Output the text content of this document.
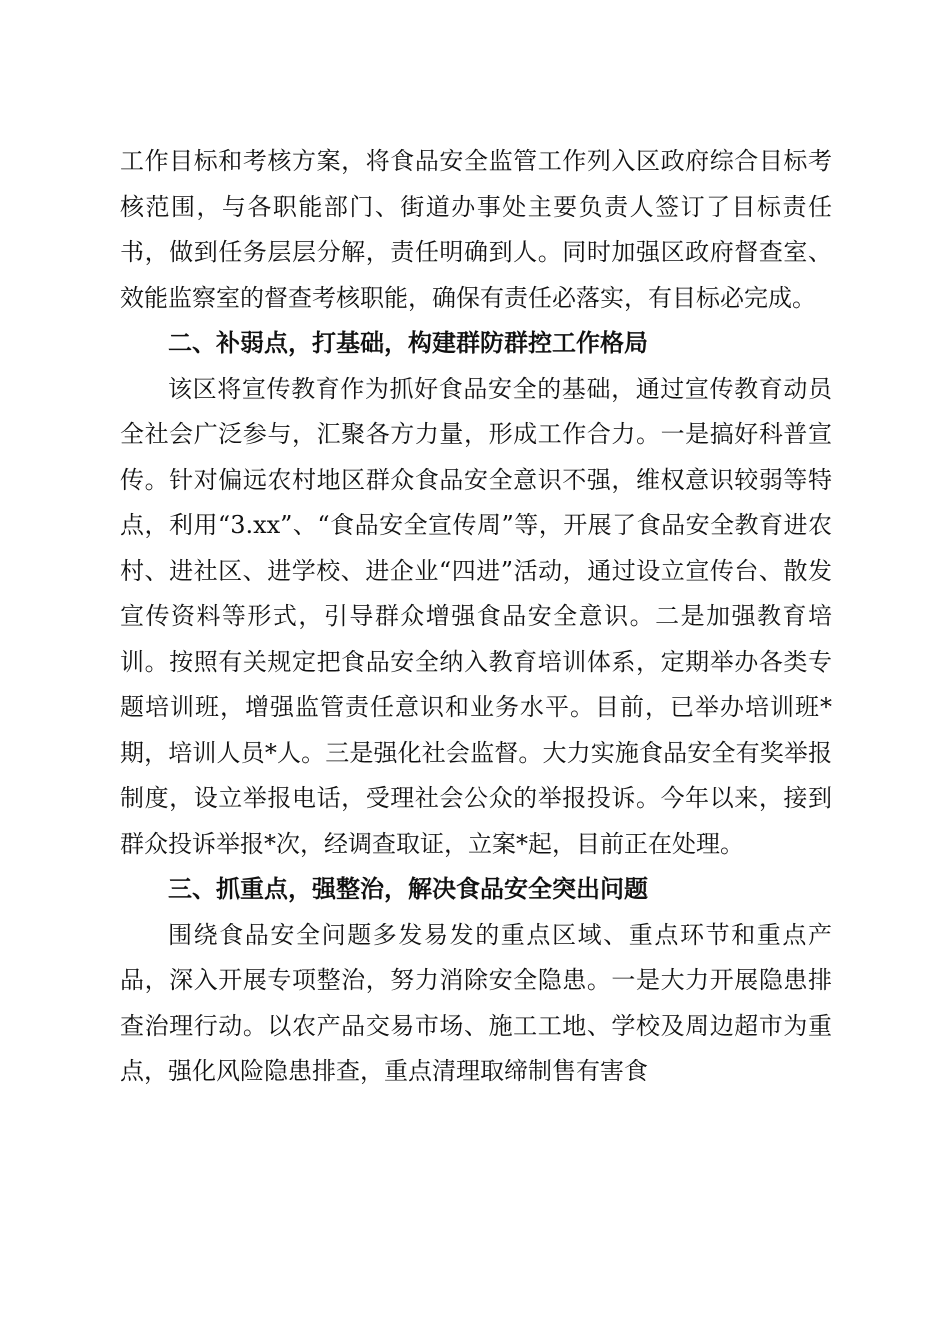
工作目标和考核方案，将食品安全监管工作列入区政府综合目标考核范围，与各职能部门、街道办事处主要负责人签订了目标责任书，做到任务层层分解，责任明确到人。同时加强区政府督查室、效能监察室的督查考核职能，确保有责任必落实，有目标必完成。

二、补弱点，打基础，构建群防群控工作格局

该区将宣传教育作为抓好食品安全的基础，通过宣传教育动员全社会广泛参与，汇聚各方力量，形成工作合力。一是搞好科普宣传。针对偏远农村地区群众食品安全意识不强，维权意识较弱等特点，利用“3.xx”、“食品安全宣传周”等，开展了食品安全教育进农村、进社区、进学校、进企业“四进”活动，通过设立宣传台、散发宣传资料等形式，引导群众增强食品安全意识。二是加强教育培训。按照有关规定把食品安全纳入教育培训体系，定期举办各类专题培训班，增强监管责任意识和业务水平。目前，已举办培训班*期，培训人员*人。三是强化社会监督。大力实施食品安全有奖举报制度，设立举报电话，受理社会公众的举报投诉。今年以来，接到群众投诉举报*次，经调查取证，立案*起，目前正在处理。

三、抓重点，强整治，解决食品安全突出问题

围绕食品安全问题多发易发的重点区域、重点环节和重点产品，深入开展专项整治，努力消除安全隐患。一是大力开展隐患排查治理行动。以农产品交易市场、施工工地、学校及周边超市为重点，强化风险隐患排查，重点清理取缔制售有害食
